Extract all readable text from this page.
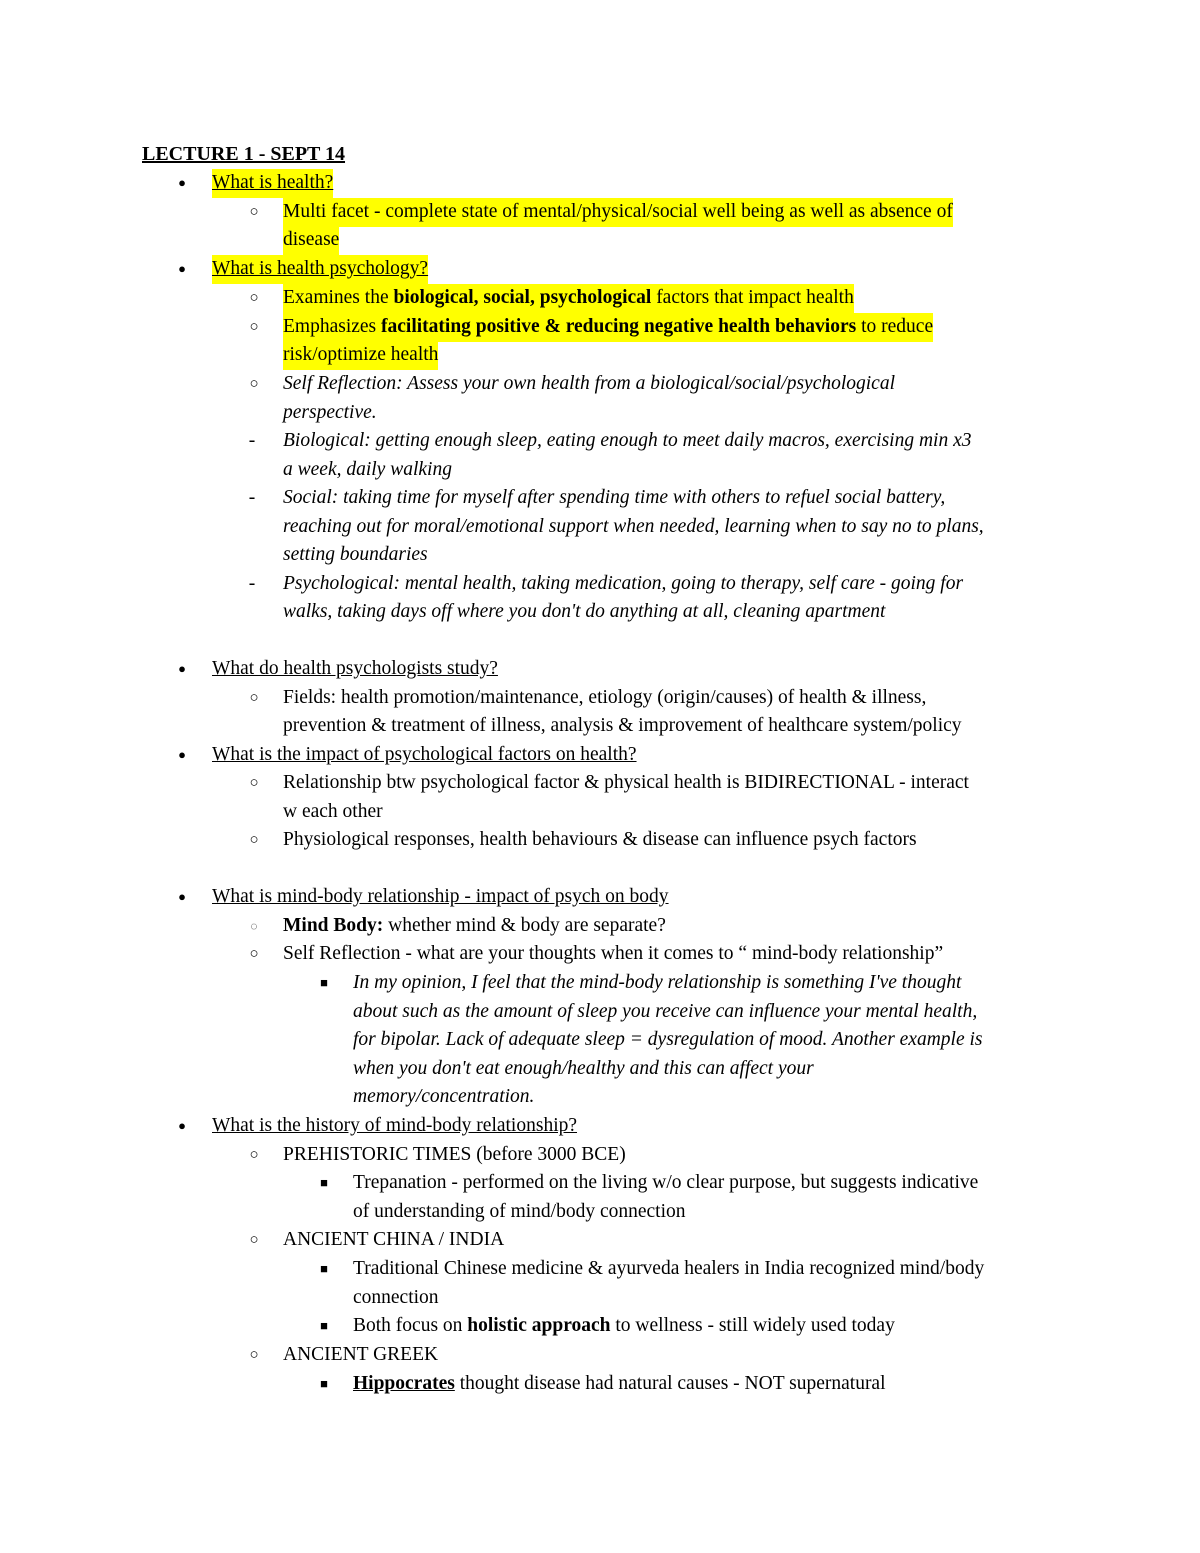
LECTURE 1 - SEPT 14
●	What is health?
○	Multi facet - complete state of mental/physical/social well being as well as absence of
disease
●	What is health psychology?
○	Examines the biological, social, psychological factors that impact health
○	Emphasizes facilitating positive & reducing negative health behaviors to reduce
risk/optimize health
○	Self Reflection: Assess your own health from a biological/social/psychological
perspective.
-	Biological: getting enough sleep, eating enough to meet daily macros, exercising min x3
a week, daily walking
-	Social: taking time for myself after spending time with others to refuel social battery,
reaching out for moral/emotional support when needed, learning when to say no to plans,
setting boundaries
-	Psychological: mental health, taking medication, going to therapy, self care - going for
walks, taking days off where you don't do anything at all, cleaning apartment
●	What do health psychologists study?
○	Fields: health promotion/maintenance, etiology (origin/causes) of health & illness,
prevention & treatment of illness, analysis & improvement of healthcare system/policy
●	What is the impact of psychological factors on health?
○	Relationship btw psychological factor & physical health is BIDIRECTIONAL - interact
w each other
○	Physiological responses, health behaviours & disease can influence psych factors
●	What is mind-body relationship - impact of psych on body
◌	Mind Body: whether mind & body are separate?
○	Self Reflection - what are your thoughts when it comes to “ mind-body relationship”
■	In my opinion, I feel that the mind-body relationship is something I've thought
about such as the amount of sleep you receive can influence your mental health,
for bipolar. Lack of adequate sleep = dysregulation of mood. Another example is
when you don't eat enough/healthy and this can affect your
memory/concentration.
●	What is the history of mind-body relationship?
○	PREHISTORIC TIMES (before 3000 BCE)
■	Trepanation - performed on the living w/o clear purpose, but suggests indicative
of understanding of mind/body connection
○	ANCIENT CHINA / INDIA
■	Traditional Chinese medicine & ayurveda healers in India recognized mind/body
connection
■	Both focus on holistic approach to wellness - still widely used today
○	ANCIENT GREEK
■	Hippocrates thought disease had natural causes - NOT supernatural
